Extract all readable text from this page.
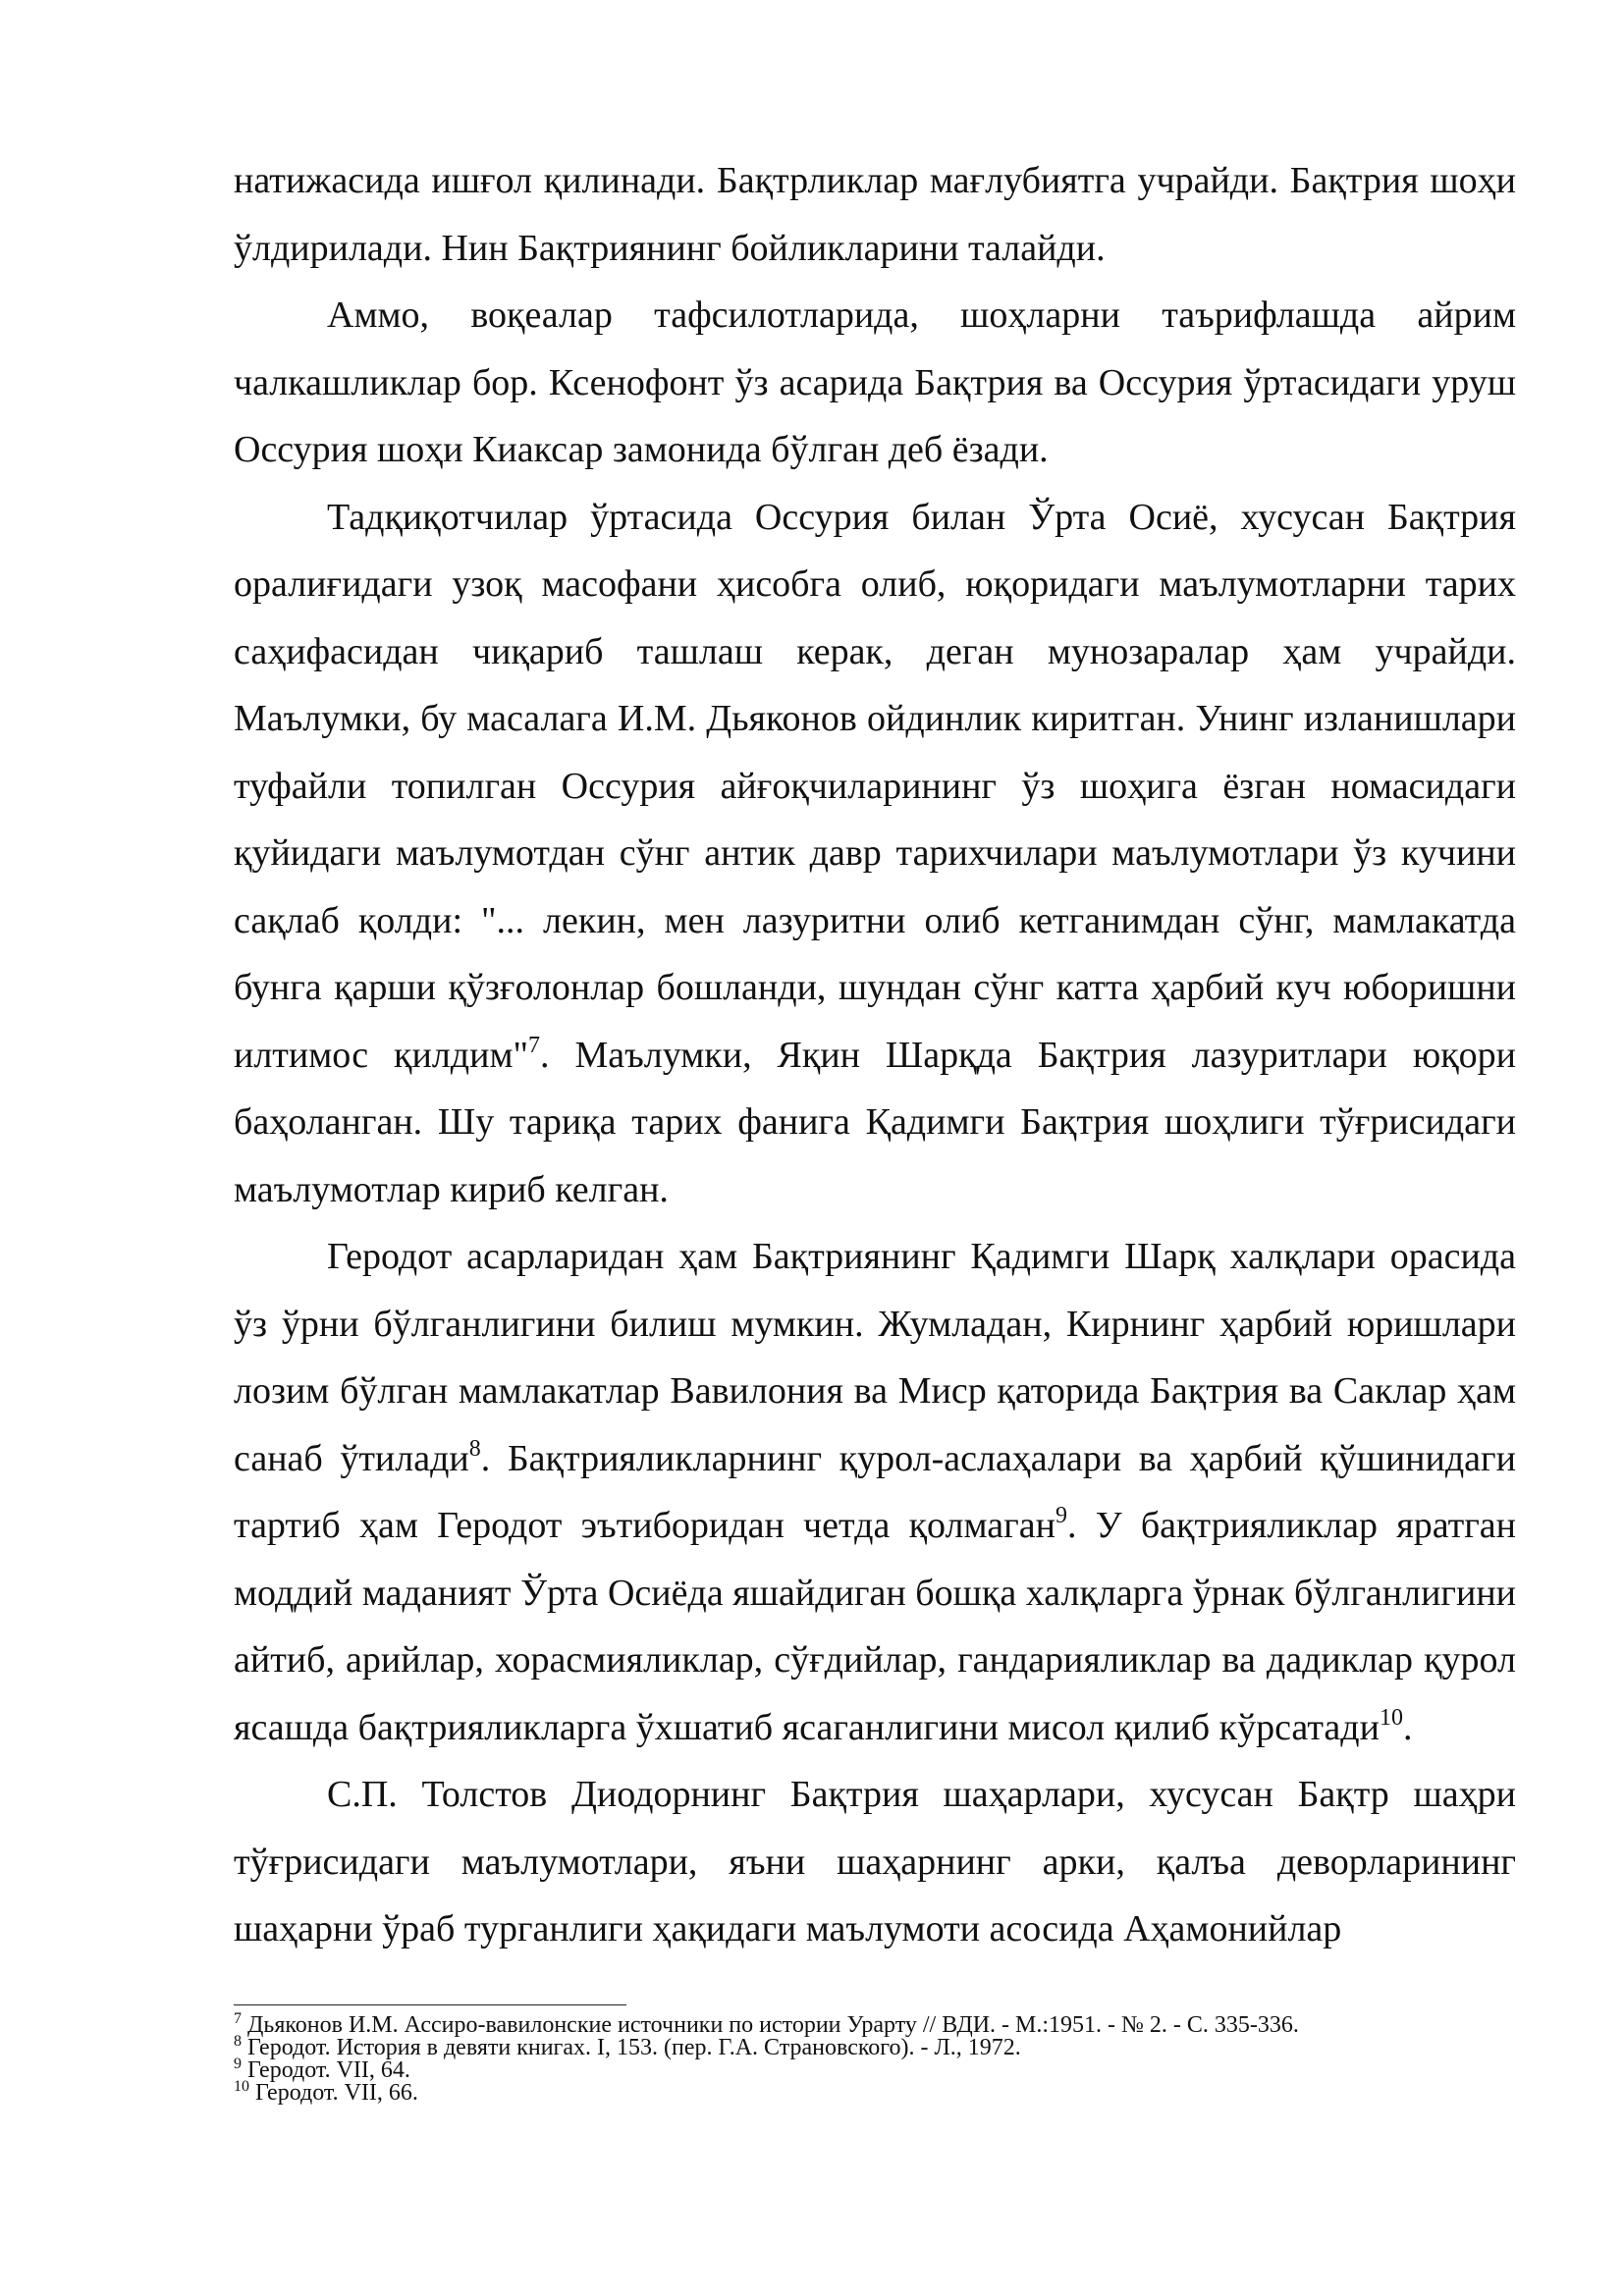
натижасида ишғол қилинади. Бақтрликлар мағлубиятга учрайди. Бақтрия шоҳи ўлдирилади. Нин Бақтриянинг бойликларини талайди.

Аммо, воқеалар тафсилотларида, шоҳларни таърифлашда айрим чалкашликлар бор. Ксенофонт ўз асарида Бақтрия ва Оссурия ўртасидаги уруш Оссурия шоҳи Киаксар замонида бўлган деб ёзади.

Тадқиқотчилар ўртасида Оссурия билан Ўрта Осиё, хусусан Бақтрия оралиғидаги узоқ масофани ҳисобга олиб, юқоридаги маълумотларни тарих саҳифасидан чиқариб ташлаш керак, деган мунозаралар ҳам учрайди. Маълумки, бу масалага И.М. Дьяконов ойдинлик киритган. Унинг изланишлари туфайли топилган Оссурия айғоқчиларининг ўз шоҳига ёзган номасидаги қуйидаги маълумотдан сўнг антик давр тарихчилари маълумотлари ўз кучини сақлаб қолди: "... лекин, мен лазуритни олиб кетганимдан сўнг, мамлакатда бунга қарши қўзғолонлар бошланди, шундан сўнг катта ҳарбий куч юборишни илтимос қилдим"$^7$. Маълумки, Яқин Шарқда Бақтрия лазуритлари юқори баҳоланган. Шу тариқа тарих фанига Қадимги Бақтрия шоҳлиги тўғрисидаги маълумотлар кириб келган.

Геродот асарларидан ҳам Бақтриянинг Қадимги Шарқ халқлари орасида ўз ўрни бўлганлигини билиш мумкин. Жумладан, Кирнинг ҳарбий юришлари лозим бўлган мамлакатлар Вавилония ва Миср қаторида Бақтрия ва Саклар ҳам санаб ўтилади$^8$. Бақтрияликларнинг қурол-аслаҳалари ва ҳарбий қўшинидаги тартиб ҳам Геродот эътиборидан четда қолмаган$^9$. У бақтрияликлар яратган моддий маданият Ўрта Осиёда яшайдиган бошқа халқларга ўрнак бўлганлигини айтиб, арийлар, хорасмияликлар, сўғдийлар, гандарияликлар ва дадиклар қурол ясашда бақтрияликларга ўхшатиб ясаганлигини мисол қилиб кўрсатади$^{10}$.

С.П. Толстов Диодорнинг Бақтрия шаҳарлари, хусусан Бақтр шаҳри тўғрисидаги маълумотлари, яъни шаҳарнинг арки, қалъа деворларининг шаҳарни ўраб турганлиги ҳақидаги маълумоти асосида Аҳамонийлар

$^7$ Дьяконов И.М. Ассиро-вавилонские источники по истории Урарту // ВДИ. - М.:1951. - № 2. - С. 335-336.

$^8$ Геродот. История в девяти книгах. I, 153. (пер. Г.А. Страновского). - Л., 1972.

$^9$ Геродот. VII, 64.

$^{10}$ Геродот. VII, 66.
